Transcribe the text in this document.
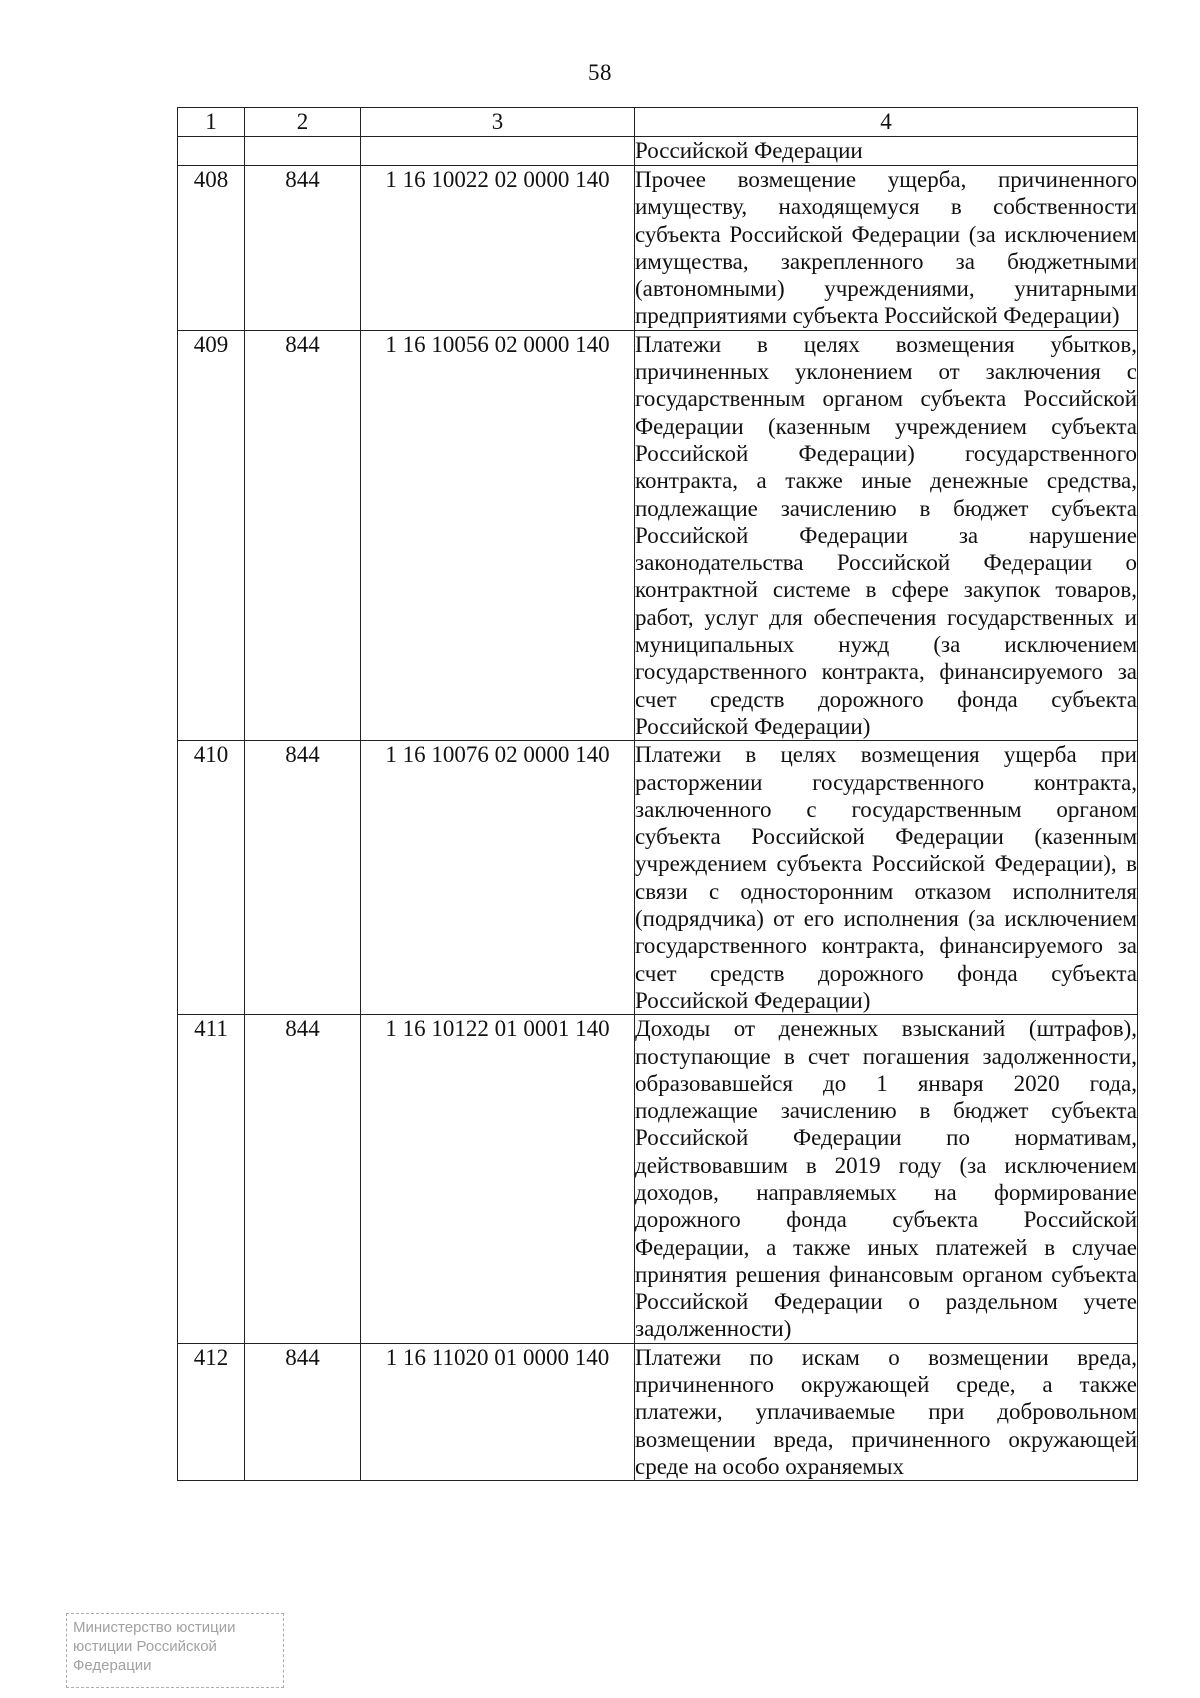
58
1	2	3	4
			Российской Федерации
408	844	1 16 10022 02 0000 140	Прочее возмещение ущерба, причиненного имуществу, находящемуся в собственности субъекта Российской Федерации (за исключением имущества, закрепленного за бюджетными (автономными) учреждениями, унитарными предприятиями субъекта Российской Федерации)
409	844	1 16 10056 02 0000 140	Платежи в целях возмещения убытков, причиненных уклонением от заключения с государственным органом субъекта Российской Федерации (казенным учреждением субъекта Российской Федерации) государственного контракта, а также иные денежные средства, подлежащие зачислению в бюджет субъекта Российской Федерации за нарушение законодательства Российской Федерации о контрактной системе в сфере закупок товаров, работ, услуг для обеспечения государственных и муниципальных нужд (за исключением государственного контракта, финансируемого за счет средств дорожного фонда субъекта Российской Федерации)
410	844	1 16 10076 02 0000 140	Платежи в целях возмещения ущерба при расторжении государственного контракта, заключенного с государственным органом субъекта Российской Федерации (казенным учреждением субъекта Российской Федерации), в связи с односторонним отказом исполнителя (подрядчика) от его исполнения (за исключением государственного контракта, финансируемого за счет средств дорожного фонда субъекта Российской Федерации)
411	844	1 16 10122 01 0001 140	Доходы от денежных взысканий (штрафов), поступающие в счет погашения задолженности, образовавшейся до 1 января 2020 года, подлежащие зачислению в бюджет субъекта Российской Федерации по нормативам, действовавшим в 2019 году (за исключением доходов, направляемых на формирование дорожного фонда субъекта Российской Федерации, а также иных платежей в случае принятия решения финансовым органом субъекта Российской Федерации о раздельном учете задолженности)
412	844	1 16 11020 01 0000 140	Платежи по искам о возмещении вреда, причиненного окружающей среде, а также платежи, уплачиваемые при добровольном возмещении вреда, причиненного окружающей среде на особо охраняемых
Министерство юстиции
юстиции Российской
Федерации
